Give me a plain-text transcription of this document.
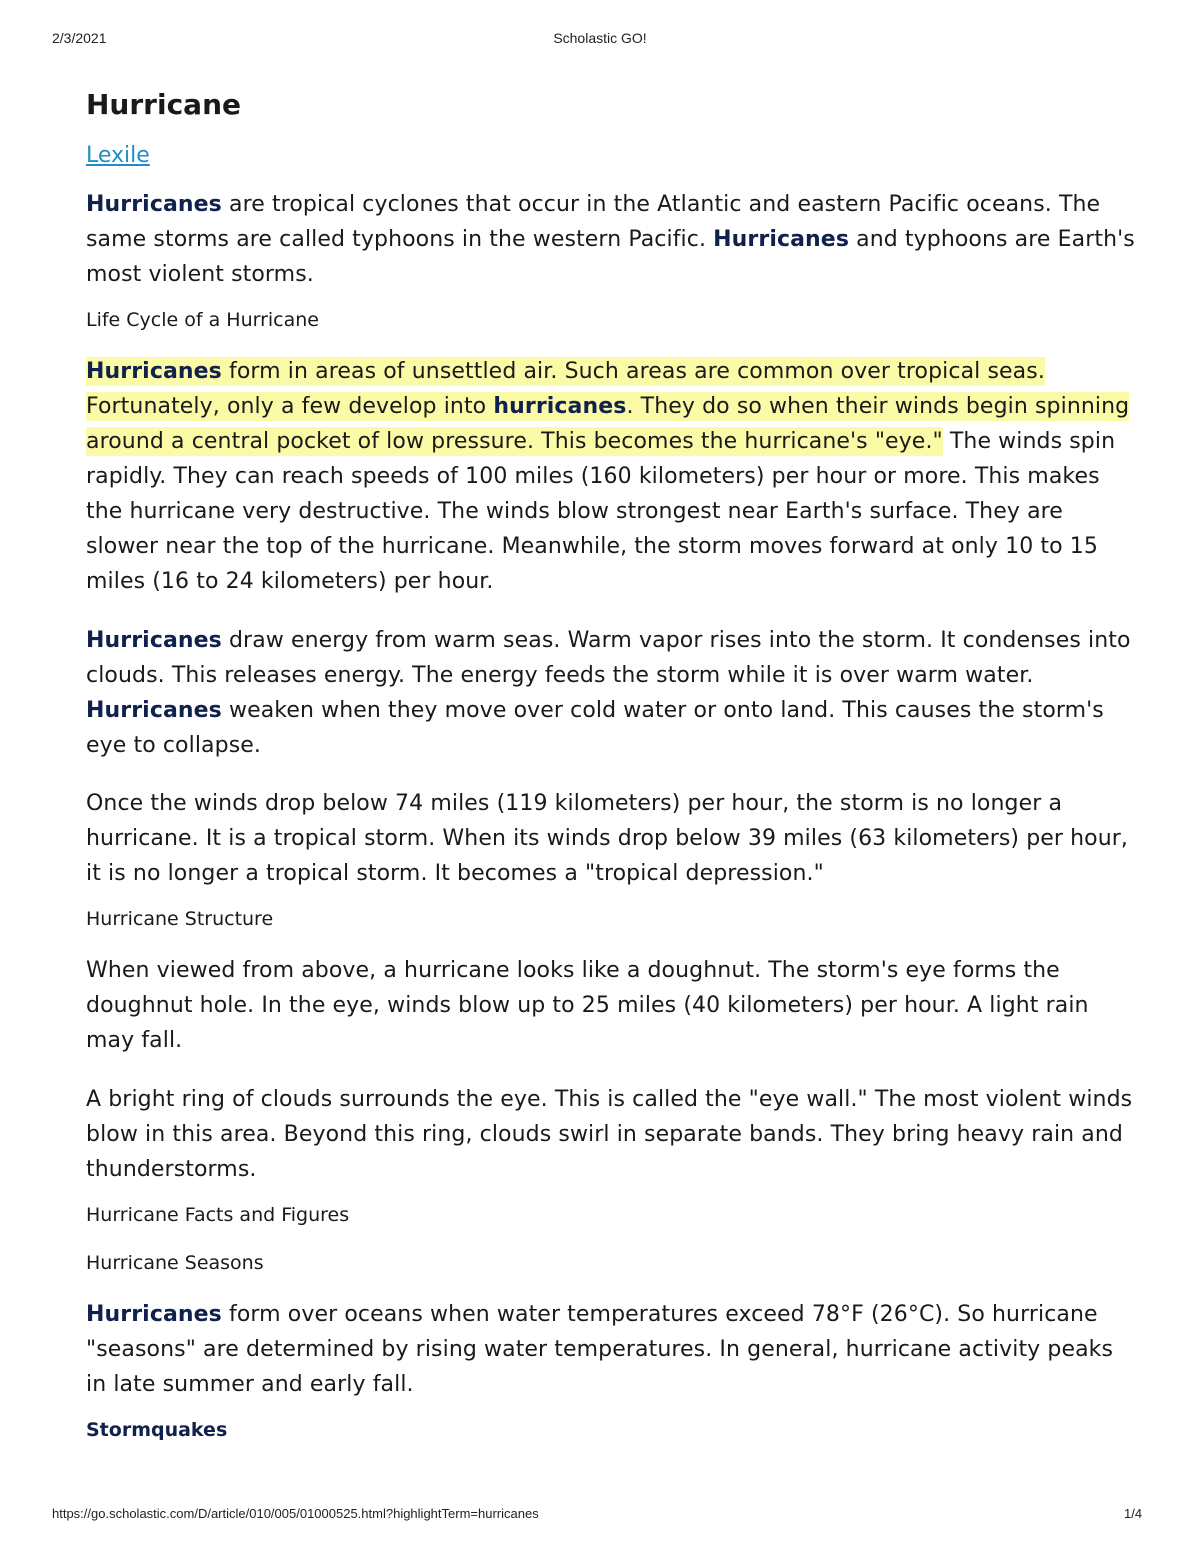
2/3/2021	Scholastic GO!
Hurricane
Lexile

Hurricanes are tropical cyclones that occur in the Atlantic and eastern Pacific oceans. The same storms are called typhoons in the western Pacific. Hurricanes and typhoons are Earth's most violent storms.

Life Cycle of a Hurricane

Hurricanes form in areas of unsettled air. Such areas are common over tropical seas. Fortunately, only a few develop into hurricanes. They do so when their winds begin spinning around a central pocket of low pressure. This becomes the hurricane's "eye." The winds spin rapidly. They can reach speeds of 100 miles (160 kilometers) per hour or more. This makes the hurricane very destructive. The winds blow strongest near Earth's surface. They are slower near the top of the hurricane. Meanwhile, the storm moves forward at only 10 to 15 miles (16 to 24 kilometers) per hour.

Hurricanes draw energy from warm seas. Warm vapor rises into the storm. It condenses into clouds. This releases energy. The energy feeds the storm while it is over warm water. Hurricanes weaken when they move over cold water or onto land. This causes the storm's eye to collapse.

Once the winds drop below 74 miles (119 kilometers) per hour, the storm is no longer a hurricane. It is a tropical storm. When its winds drop below 39 miles (63 kilometers) per hour, it is no longer a tropical storm. It becomes a "tropical depression."

Hurricane Structure

When viewed from above, a hurricane looks like a doughnut. The storm's eye forms the doughnut hole. In the eye, winds blow up to 25 miles (40 kilometers) per hour. A light rain may fall.

A bright ring of clouds surrounds the eye. This is called the "eye wall." The most violent winds blow in this area. Beyond this ring, clouds swirl in separate bands. They bring heavy rain and thunderstorms.

Hurricane Facts and Figures
Hurricane Seasons

Hurricanes form over oceans when water temperatures exceed 78°F (26°C). So hurricane "seasons" are determined by rising water temperatures. In general, hurricane activity peaks in late summer and early fall.

Stormquakes
https://go.scholastic.com/D/article/010/005/01000525.html?highlightTerm=hurricanes	1/4
